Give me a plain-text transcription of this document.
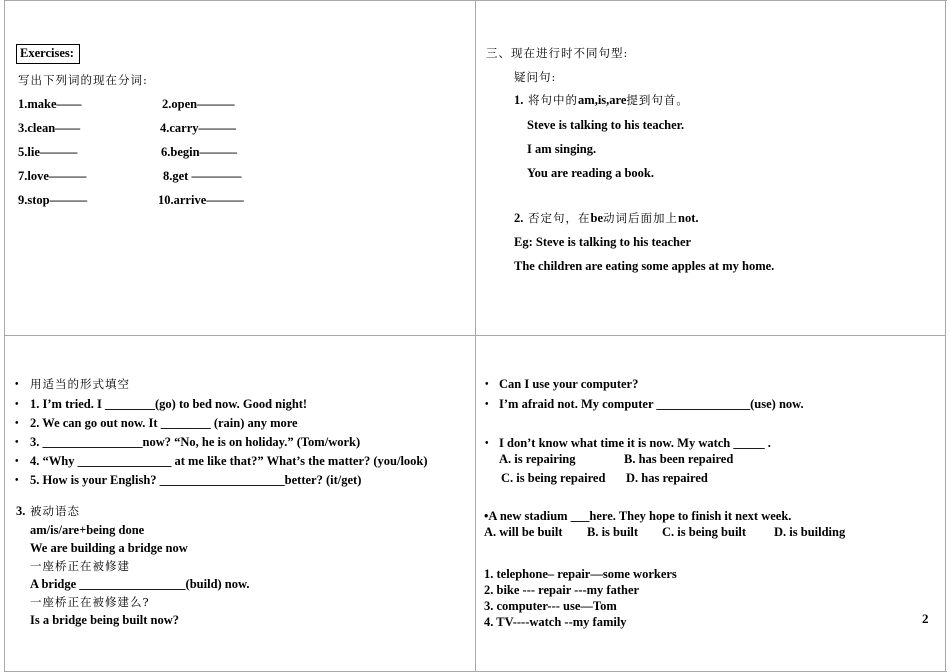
Exercises:
写出下列词的现在分词:
1.make——
3.clean——
5.lie———
7.love———
9.stop———
2.open———
4.carry———
6.begin———
8.get ————
10.arrive———
三、现在进行时不同句型:
疑问句:
1. 将句中的am,is,are提到句首。
Steve is talking to his teacher.
I am singing.
You are reading a book.
2. 否定句，在be动词后面加上not.
Eg: Steve is talking to his teacher
The children are eating some apples at my home.
• 用适当的形式填空
• 1. I’m tried. I ________(go) to bed now. Good night!
• 2. We can go out now. It ________ (rain) any more
• 3. ________________now? “No, he is on holiday.” (Tom/work)
• 4. “Why _______________ at me like that?” What’s the matter? (you/look)
• 5. How is your English? ____________________better? (it/get)
3. 被动语态
am/is/are+being done
We are building a bridge now
一座桥正在被修建
A bridge _________________(build) now.
一座桥正在被修建么?
Is a bridge being built now?
• Can I use your computer?
• I’m afraid not. My computer _______________(use) now.
• I don’t know what time it is now. My watch _____ .
A. is repairing	B. has been repaired
C. is being repaired D. has repaired
•A new stadium ___here. They hope to finish it next week.
A. will be built B. is built C. is being built D. is building
1. telephone– repair—some workers
2. bike --- repair ---my father
3. computer--- use—Tom
4. TV----watch --my family	2
